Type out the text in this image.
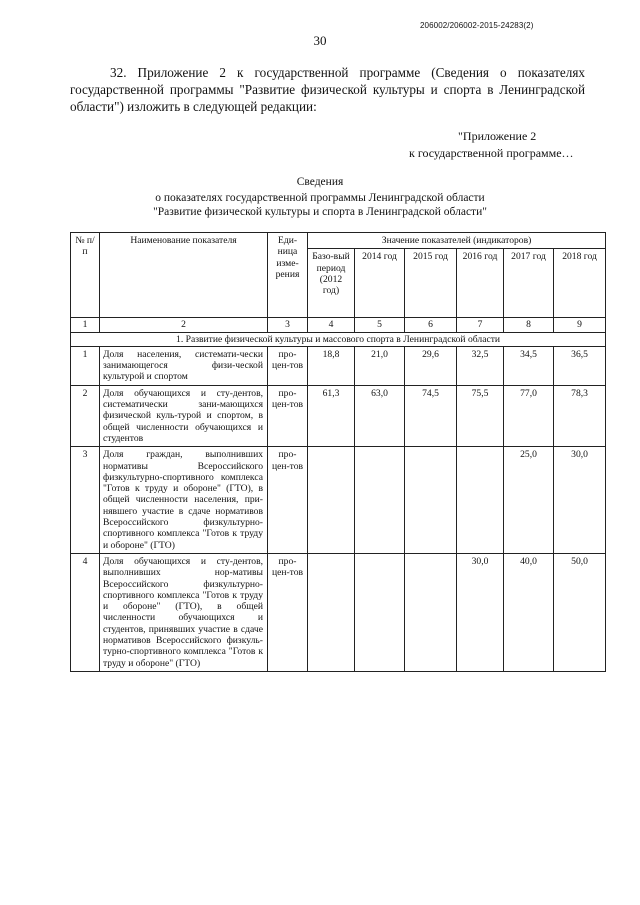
30
206002/206002-2015-24283(2)
32. Приложение 2 к государственной программе (Сведения о показателях государственной программы "Развитие физической культуры и спорта в Ленинградской области") изложить в следующей редакции:
"Приложение 2
к государственной программе…
Сведения
о показателях государственной программы Ленинградской области
"Развитие физической культуры и спорта в Ленинградской области"
№ п/п	Наименование показателя	Еди-ница изме-рения	Значение показателей (индикаторов)					
			Базо-вый период (2012 год)	2014 год	2015 год	2016 год	2017 год	2018 год
1	2	3	4	5	6	7	8	9
1. Развитие физической культуры и массового спорта в Ленинградской области								
1	Доля населения, системати-чески занимающегося физи-ческой культурой и спортом	про-цен-тов	18,8	21,0	29,6	32,5	34,5	36,5
2	Доля обучающихся и сту-дентов, систематически зани-мающихся физической куль-турой и спортом, в общей численности обучающихся и студентов	про-цен-тов	61,3	63,0	74,5	75,5	77,0	78,3
3	Доля граждан, выполнивших нормативы Всероссийского физкультурно-спортивного комплекса "Готов к труду и обороне" (ГТО), в общей численности населения, при-нявшего участие в сдаче нормативов Всероссийского физкультурно-спортивного комплекса "Готов к труду и обороне" (ГТО)	про-цен-тов					25,0	30,0
4	Доля обучающихся и сту-дентов, выполнивших нор-мативы Всероссийского физкультурно-спортивного комплекса "Готов к труду и обороне" (ГТО), в общей численности обучающихся и студентов, принявших участие в сдаче нормативов Всероссийского физкуль-турно-спортивного комплекса "Готов к труду и обороне" (ГТО)	про-цен-тов				30,0	40,0	50,0
